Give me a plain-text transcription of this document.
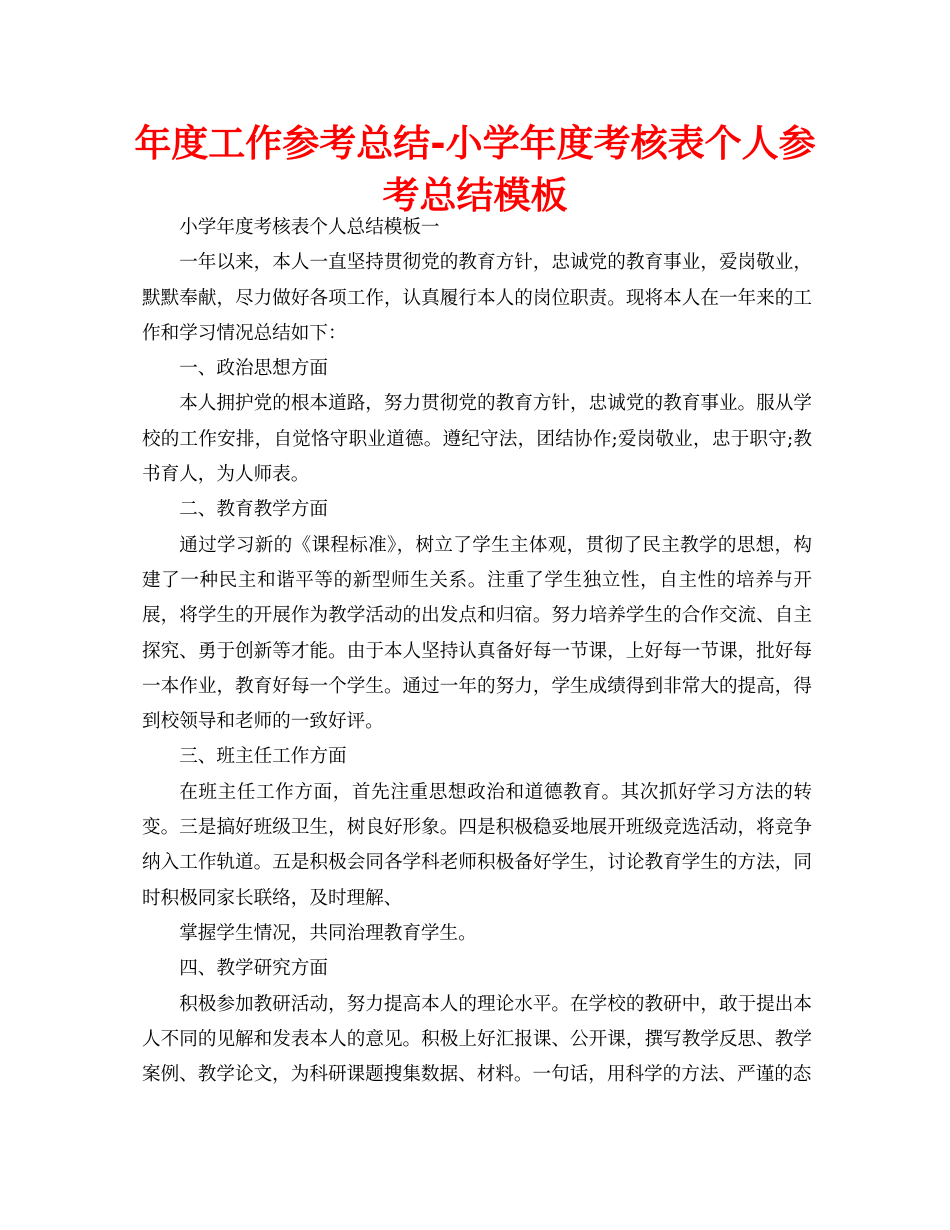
年度工作参考总结-小学年度考核表个人参考总结模板

小学年度考核表个人总结模板一

一年以来，本人一直坚持贯彻党的教育方针，忠诚党的教育事业，爱岗敬业，默默奉献，尽力做好各项工作，认真履行本人的岗位职责。现将本人在一年来的工作和学习情况总结如下：

一、政治思想方面

本人拥护党的根本道路，努力贯彻党的教育方针，忠诚党的教育事业。服从学校的工作安排，自觉恪守职业道德。遵纪守法，团结协作;爱岗敬业，忠于职守;教书育人，为人师表。

二、教育教学方面

通过学习新的《课程标准》，树立了学生主体观，贯彻了民主教学的思想，构建了一种民主和谐平等的新型师生关系。注重了学生独立性，自主性的培养与开展，将学生的开展作为教学活动的出发点和归宿。努力培养学生的合作交流、自主探究、勇于创新等才能。由于本人坚持认真备好每一节课，上好每一节课，批好每一本作业，教育好每一个学生。通过一年的努力，学生成绩得到非常大的提高，得到校领导和老师的一致好评。

三、班主任工作方面

在班主任工作方面，首先注重思想政治和道德教育。其次抓好学习方法的转变。三是搞好班级卫生，树良好形象。四是积极稳妥地展开班级竞选活动，将竞争纳入工作轨道。五是积极会同各学科老师积极备好学生，讨论教育学生的方法，同时积极同家长联络，及时理解、

掌握学生情况，共同治理教育学生。

四、教学研究方面

积极参加教研活动，努力提高本人的理论水平。在学校的教研中，敢于提出本人不同的见解和发表本人的意见。积极上好汇报课、公开课，撰写教学反思、教学案例、教学论文，为科研课题搜集数据、材料。一句话，用科学的方法、严谨的态
